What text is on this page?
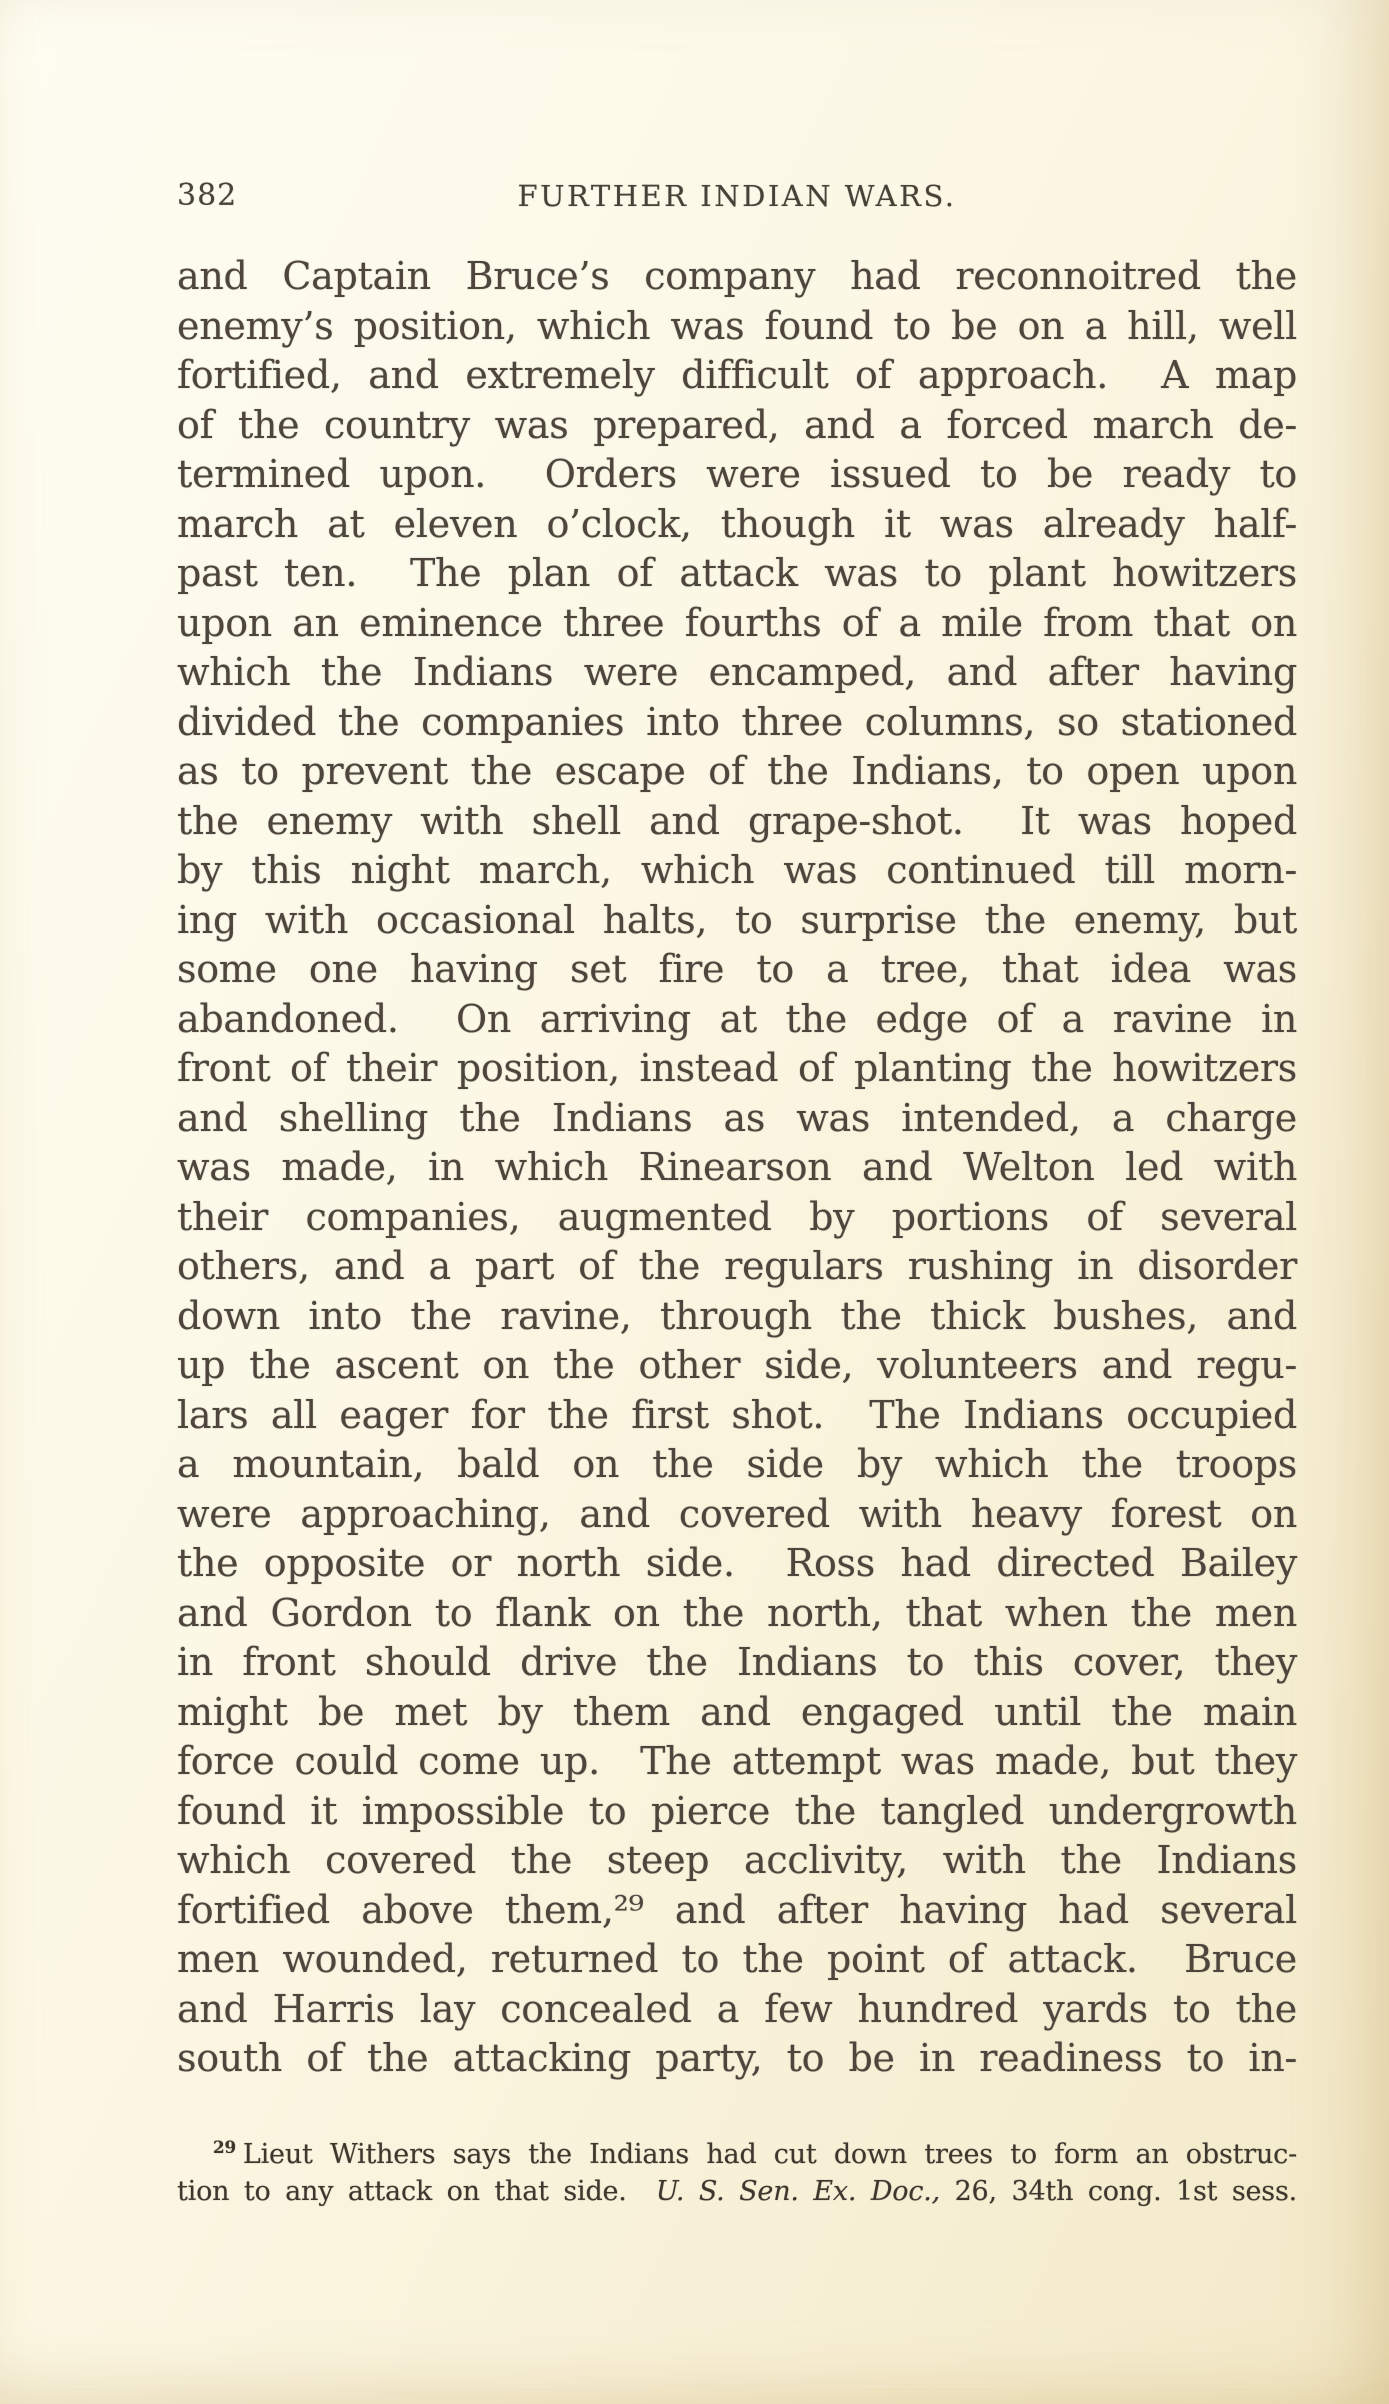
382	FURTHER INDIAN WARS.
and Captain Bruce’s company had reconnoitred the
enemy’s position, which was found to be on a hill, well
fortified, and extremely difficult of approach.  A map
of the country was prepared, and a forced march de-
termined upon.  Orders were issued to be ready to
march at eleven o’clock, though it was already half-
past ten.  The plan of attack was to plant howitzers
upon an eminence three fourths of a mile from that on
which the Indians were encamped, and after having
divided the companies into three columns, so stationed
as to prevent the escape of the Indians, to open upon
the enemy with shell and grape-shot.  It was hoped
by this night march, which was continued till morn-
ing with occasional halts, to surprise the enemy, but
some one having set fire to a tree, that idea was
abandoned.  On arriving at the edge of a ravine in
front of their position, instead of planting the howitzers
and shelling the Indians as was intended, a charge
was made, in which Rinearson and Welton led with
their companies, augmented by portions of several
others, and a part of the regulars rushing in disorder
down into the ravine, through the thick bushes, and
up the ascent on the other side, volunteers and regu-
lars all eager for the first shot.  The Indians occupied
a mountain, bald on the side by which the troops
were approaching, and covered with heavy forest on
the opposite or north side.  Ross had directed Bailey
and Gordon to flank on the north, that when the men
in front should drive the Indians to this cover, they
might be met by them and engaged until the main
force could come up.  The attempt was made, but they
found it impossible to pierce the tangled undergrowth
which covered the steep acclivity, with the Indians
fortified above them,²⁹ and after having had several
men wounded, returned to the point of attack.  Bruce
and Harris lay concealed a few hundred yards to the
south of the attacking party, to be in readiness to in-
$^{29}$ Lieut Withers says the Indians had cut down trees to form an obstruc-
tion to any attack on that side.  U. S. Sen. Ex. Doc., 26, 34th cong. 1st sess.
